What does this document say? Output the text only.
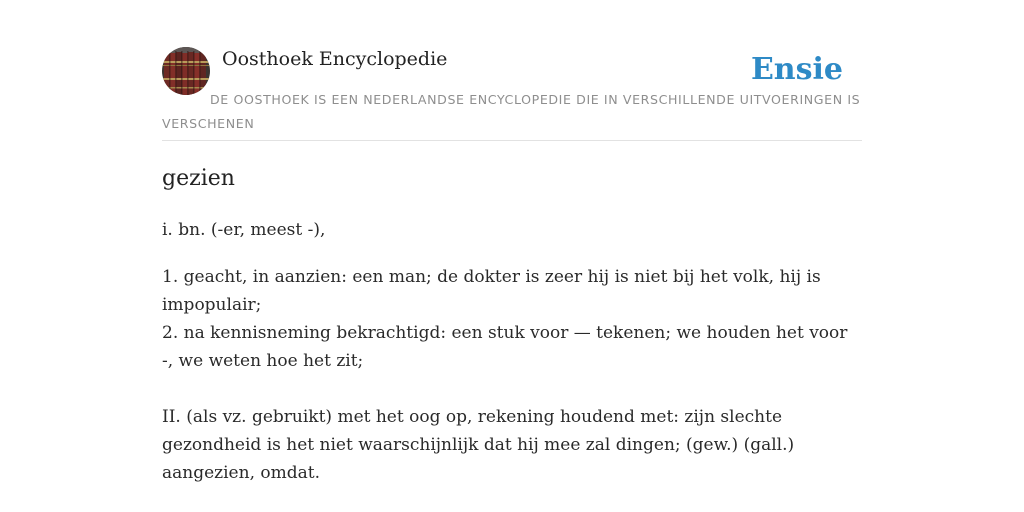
Oosthoek Encyclopedie	Ensie
DE OOSTHOEK IS EEN NEDERLANDSE ENCYCLOPEDIE DIE IN VERSCHILLENDE UITVOERINGEN IS VERSCHENEN
gezien

i. bn. (-er, meest -),

1. geacht, in aanzien: een man; de dokter is zeer hij is niet bij het volk, hij is impopulair;

2. na kennisneming bekrachtigd: een stuk voor — tekenen; we houden het voor -, we weten hoe het zit;

II. (als vz. gebruikt) met het oog op, rekening houdend met: zijn slechte gezondheid is het niet waarschijnlijk dat hij mee zal dingen; (gew.) (gall.) aangezien, omdat.
